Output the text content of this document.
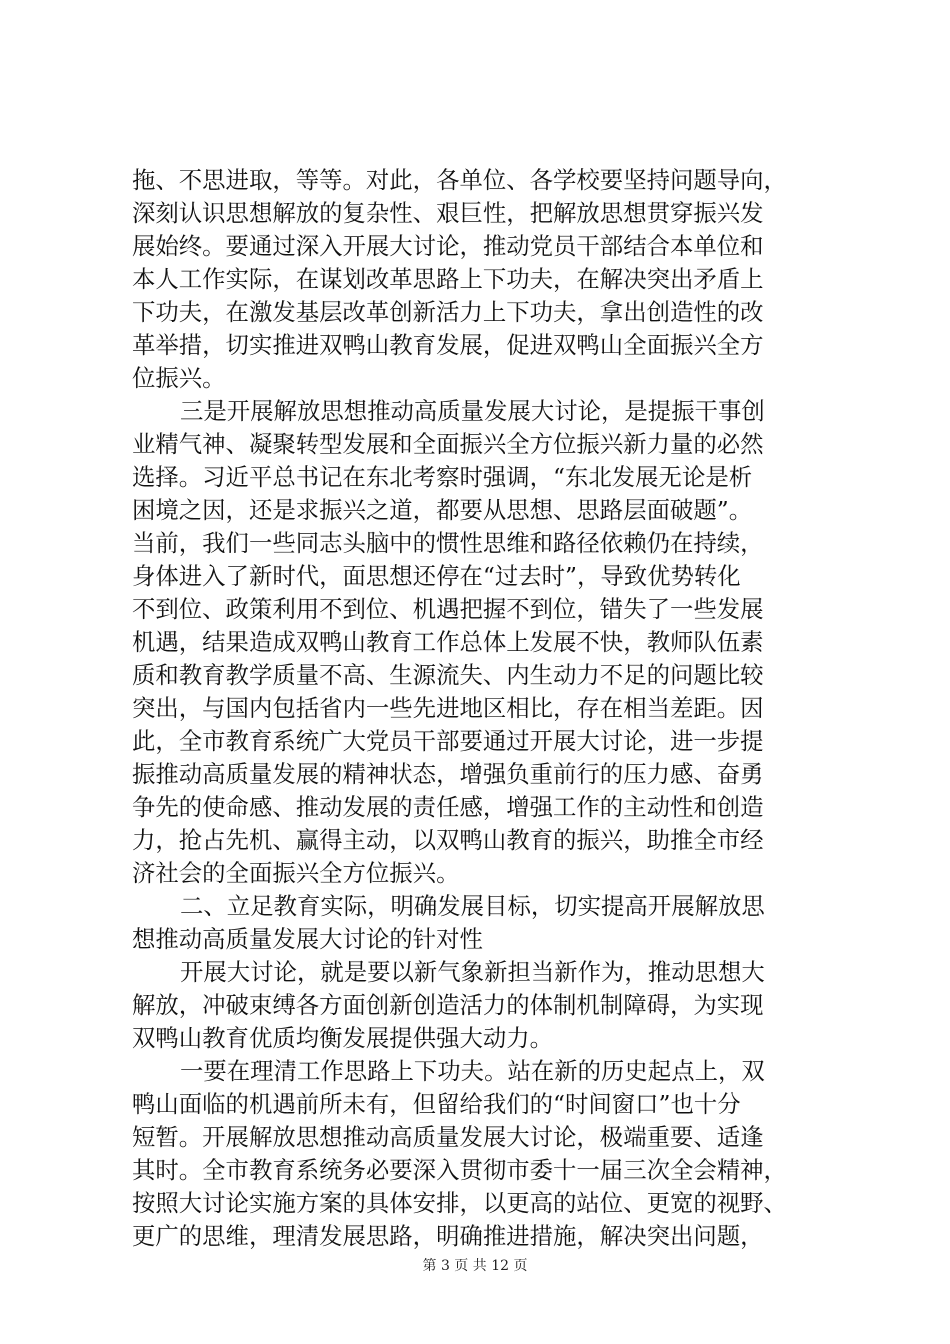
拖、不思进取，等等。对此，各单位、各学校要坚持问题导向，
深刻认识思想解放的复杂性、艰巨性，把解放思想贯穿振兴发
展始终。要通过深入开展大讨论，推动党员干部结合本单位和
本人工作实际，在谋划改革思路上下功夫，在解决突出矛盾上
下功夫，在激发基层改革创新活力上下功夫，拿出创造性的改
革举措，切实推进双鸭山教育发展，促进双鸭山全面振兴全方
位振兴。
三是开展解放思想推动高质量发展大讨论，是提振干事创
业精气神、凝聚转型发展和全面振兴全方位振兴新力量的必然
选择。习近平总书记在东北考察时强调，“东北发展无论是析
困境之因，还是求振兴之道，都要从思想、思路层面破题”。
当前，我们一些同志头脑中的惯性思维和路径依赖仍在持续，
身体进入了新时代，面思想还停在“过去时”，导致优势转化
不到位、政策利用不到位、机遇把握不到位，错失了一些发展
机遇，结果造成双鸭山教育工作总体上发展不快，教师队伍素
质和教育教学质量不高、生源流失、内生动力不足的问题比较
突出，与国内包括省内一些先进地区相比，存在相当差距。因
此，全市教育系统广大党员干部要通过开展大讨论，进一步提
振推动高质量发展的精神状态，增强负重前行的压力感、奋勇
争先的使命感、推动发展的责任感，增强工作的主动性和创造
力，抢占先机、赢得主动，以双鸭山教育的振兴，助推全市经
济社会的全面振兴全方位振兴。
二、立足教育实际，明确发展目标，切实提高开展解放思
想推动高质量发展大讨论的针对性
开展大讨论，就是要以新气象新担当新作为，推动思想大
解放，冲破束缚各方面创新创造活力的体制机制障碍，为实现
双鸭山教育优质均衡发展提供强大动力。
一要在理清工作思路上下功夫。站在新的历史起点上，双
鸭山面临的机遇前所未有，但留给我们的“时间窗口”也十分
短暂。开展解放思想推动高质量发展大讨论，极端重要、适逢
其时。全市教育系统务必要深入贯彻市委十一届三次全会精神，
按照大讨论实施方案的具体安排，以更高的站位、更宽的视野、
更广的思维，理清发展思路，明确推进措施，解决突出问题，
第 3 页 共 12 页
